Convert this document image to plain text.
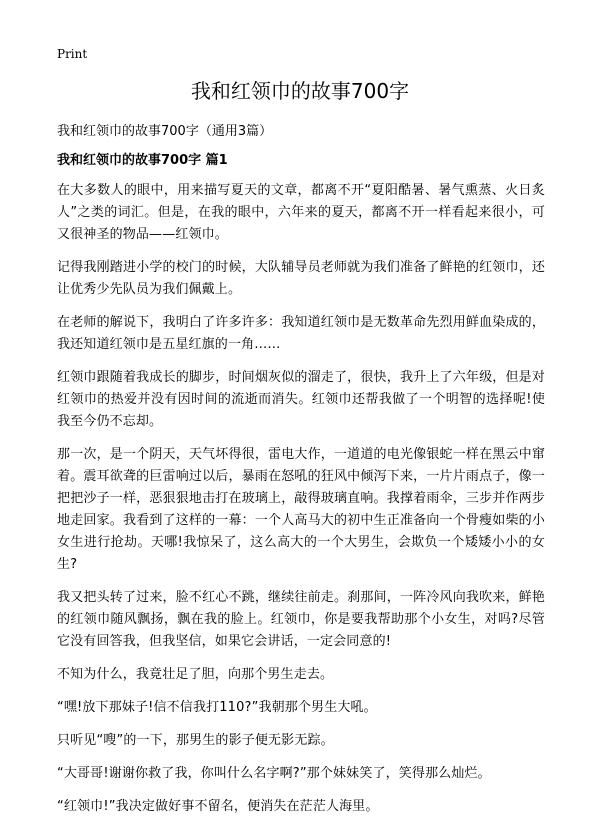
Print
我和红领巾的故事700字

我和红领巾的故事700字（通用3篇）

我和红领巾的故事700字 篇1

在大多数人的眼中，用来描写夏天的文章，都离不开“夏阳酷暑、暑气熏蒸、火日炙人”之类的词汇。但是，在我的眼中，六年来的夏天，都离不开一样看起来很小，可又很神圣的物品——红领巾。

记得我刚踏进小学的校门的时候，大队辅导员老师就为我们准备了鲜艳的红领巾，还让优秀少先队员为我们佩戴上。

在老师的解说下，我明白了许多许多：我知道红领巾是无数革命先烈用鲜血染成的，我还知道红领巾是五星红旗的一角……

红领巾跟随着我成长的脚步，时间烟灰似的溜走了，很快，我升上了六年级，但是对红领巾的热爱并没有因时间的流逝而消失。红领巾还帮我做了一个明智的选择呢!使我至今仍不忘却。

那一次，是一个阴天，天气坏得很，雷电大作，一道道的电光像银蛇一样在黑云中窜着。震耳欲聋的巨雷响过以后，暴雨在怒吼的狂风中倾泻下来，一片片雨点子，像一把把沙子一样，恶狠狠地击打在玻璃上，敲得玻璃直响。我撑着雨伞，三步并作两步地走回家。我看到了这样的一幕：一个人高马大的初中生正准备向一个骨瘦如柴的小女生进行抢劫。天哪!我惊呆了，这么高大的一个大男生，会欺负一个矮矮小小的女生?

我又把头转了过来，脸不红心不跳，继续往前走。刹那间，一阵冷风向我吹来，鲜艳的红领巾随风飘扬，飘在我的脸上。红领巾，你是要我帮助那个小女生，对吗?尽管它没有回答我，但我坚信，如果它会讲话，一定会同意的!

不知为什么，我竟壮足了胆，向那个男生走去。

“嘿!放下那妹子!信不信我打110?”我朝那个男生大吼。

只听见“嗖”的一下，那男生的影子便无影无踪。

“大哥哥!谢谢你救了我，你叫什么名字啊?”那个妹妹笑了，笑得那么灿烂。

“红领巾!”我决定做好事不留名，便消失在茫茫人海里。
